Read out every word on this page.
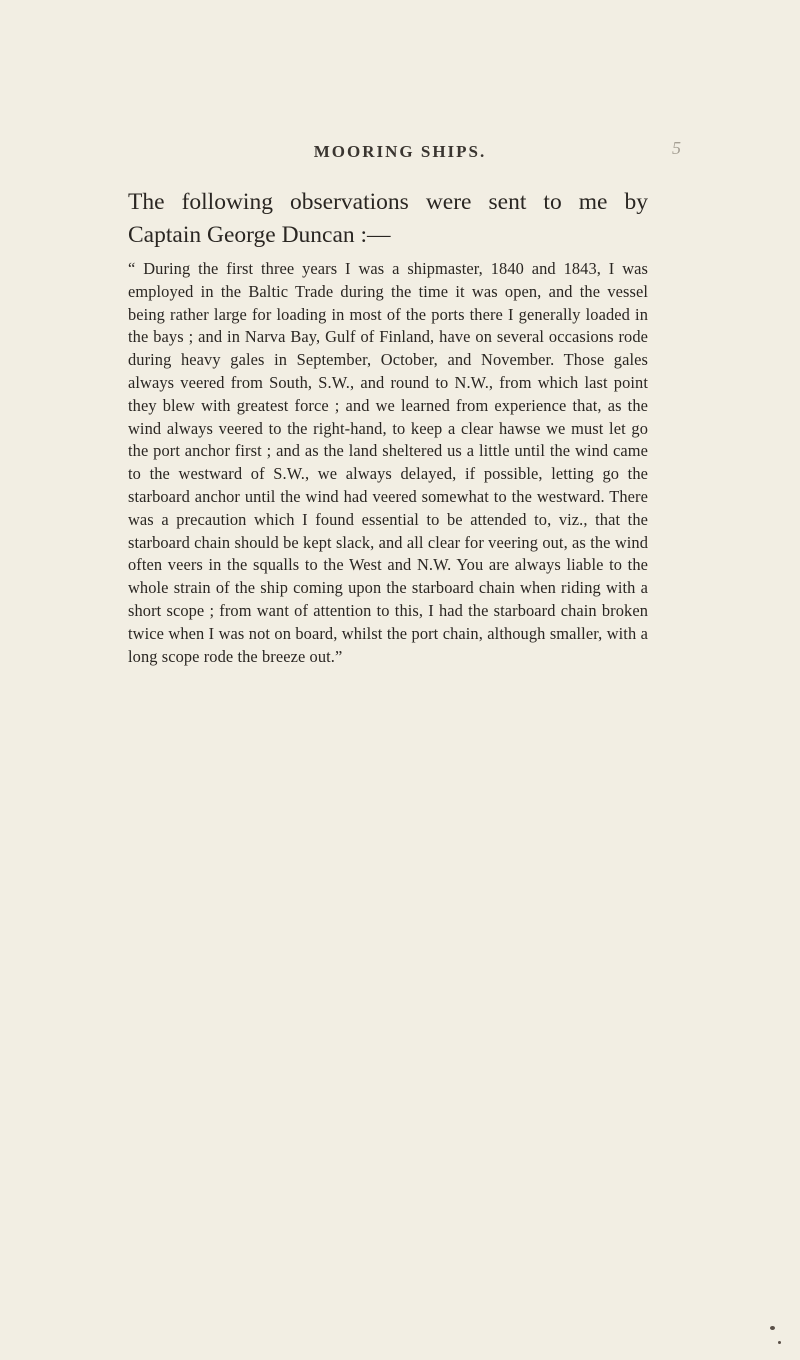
MOORING SHIPS.	5

The following observations were sent to me by Captain George Duncan :—

“ During the first three years I was a shipmaster, 1840 and 1843, I was employed in the Baltic Trade during the time it was open, and the vessel being rather large for loading in most of the ports there I generally loaded in the bays ; and in Narva Bay, Gulf of Finland, have on several occasions rode during heavy gales in September, October, and November. Those gales always veered from South, S.W., and round to N.W., from which last point they blew with greatest force ; and we learned from experience that, as the wind always veered to the right-hand, to keep a clear hawse we must let go the port anchor first ; and as the land sheltered us a little until the wind came to the westward of S.W., we always delayed, if possible, letting go the starboard anchor until the wind had veered somewhat to the westward. There was a precaution which I found essential to be attended to, viz., that the starboard chain should be kept slack, and all clear for veering out, as the wind often veers in the squalls to the West and N.W. You are always liable to the whole strain of the ship coming upon the starboard chain when riding with a short scope ; from want of attention to this, I had the starboard chain broken twice when I was not on board, whilst the port chain, although smaller, with a long scope rode the breeze out.”
